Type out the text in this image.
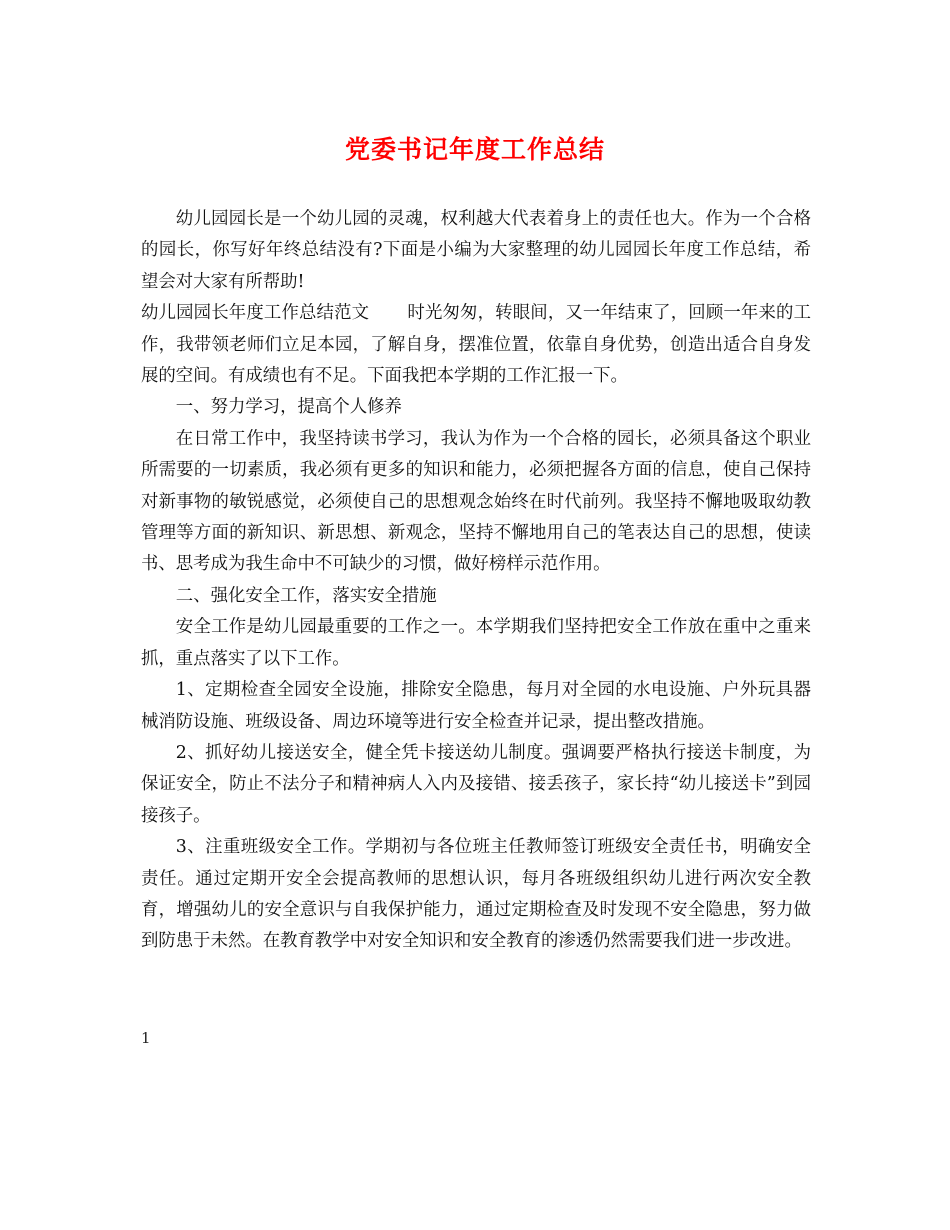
党委书记年度工作总结

幼儿园园长是一个幼儿园的灵魂，权利越大代表着身上的责任也大。作为一个合格的园长，你写好年终总结没有?下面是小编为大家整理的幼儿园园长年度工作总结，希望会对大家有所帮助!

幼儿园园长年度工作总结范文 时光匆匆，转眼间，又一年结束了，回顾一年来的工作，我带领老师们立足本园，了解自身，摆准位置，依靠自身优势，创造出适合自身发展的空间。有成绩也有不足。下面我把本学期的工作汇报一下。

一、努力学习，提高个人修养

在日常工作中，我坚持读书学习，我认为作为一个合格的园长，必须具备这个职业所需要的一切素质，我必须有更多的知识和能力，必须把握各方面的信息，使自己保持对新事物的敏锐感觉，必须使自己的思想观念始终在时代前列。我坚持不懈地吸取幼教管理等方面的新知识、新思想、新观念，坚持不懈地用自己的笔表达自己的思想，使读书、思考成为我生命中不可缺少的习惯，做好榜样示范作用。

二、强化安全工作，落实安全措施

安全工作是幼儿园最重要的工作之一。本学期我们坚持把安全工作放在重中之重来抓，重点落实了以下工作。

1、定期检查全园安全设施，排除安全隐患，每月对全园的水电设施、户外玩具器械消防设施、班级设备、周边环境等进行安全检查并记录，提出整改措施。

2、抓好幼儿接送安全，健全凭卡接送幼儿制度。强调要严格执行接送卡制度，为保证安全，防止不法分子和精神病人入内及接错、接丢孩子，家长持“幼儿接送卡”到园接孩子。

3、注重班级安全工作。学期初与各位班主任教师签订班级安全责任书，明确安全责任。通过定期开安全会提高教师的思想认识，每月各班级组织幼儿进行两次安全教育，增强幼儿的安全意识与自我保护能力，通过定期检查及时发现不安全隐患，努力做到防患于未然。在教育教学中对安全知识和安全教育的渗透仍然需要我们进一步改进。

1
